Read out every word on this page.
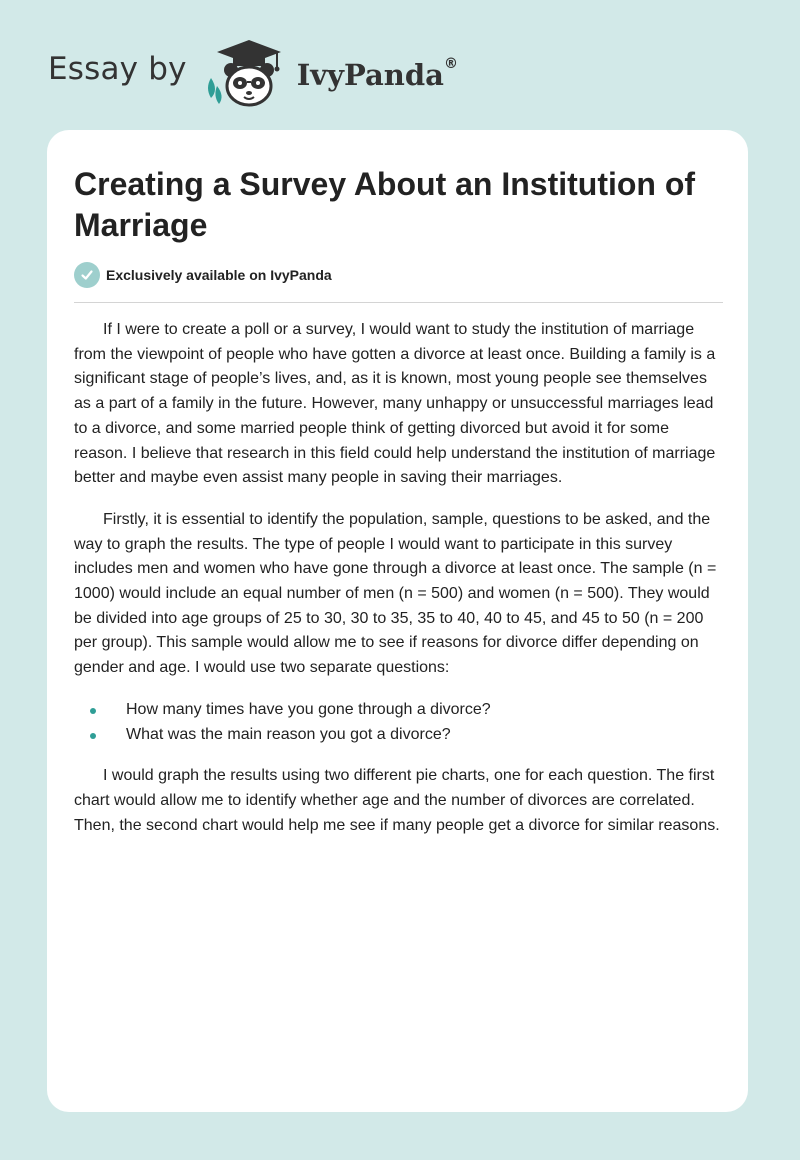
Essay by	IvyPanda®
Creating a Survey About an Institution of Marriage
Exclusively available on IvyPanda

If I were to create a poll or a survey, I would want to study the institution of marriage from the viewpoint of people who have gotten a divorce at least once. Building a family is a significant stage of people’s lives, and, as it is known, most young people see themselves as a part of a family in the future. However, many unhappy or unsuccessful marriages lead to a divorce, and some married people think of getting divorced but avoid it for some reason. I believe that research in this field could help understand the institution of marriage better and maybe even assist many people in saving their marriages.

Firstly, it is essential to identify the population, sample, questions to be asked, and the way to graph the results. The type of people I would want to participate in this survey includes men and women who have gone through a divorce at least once. The sample (n = 1000) would include an equal number of men (n = 500) and women (n = 500). They would be divided into age groups of 25 to 30, 30 to 35, 35 to 40, 40 to 45, and 45 to 50 (n = 200 per group). This sample would allow me to see if reasons for divorce differ depending on gender and age. I would use two separate questions:

How many times have you gone through a divorce?
What was the main reason you got a divorce?

I would graph the results using two different pie charts, one for each question. The first chart would allow me to identify whether age and the number of divorces are correlated. Then, the second chart would help me see if many people get a divorce for similar reasons.
